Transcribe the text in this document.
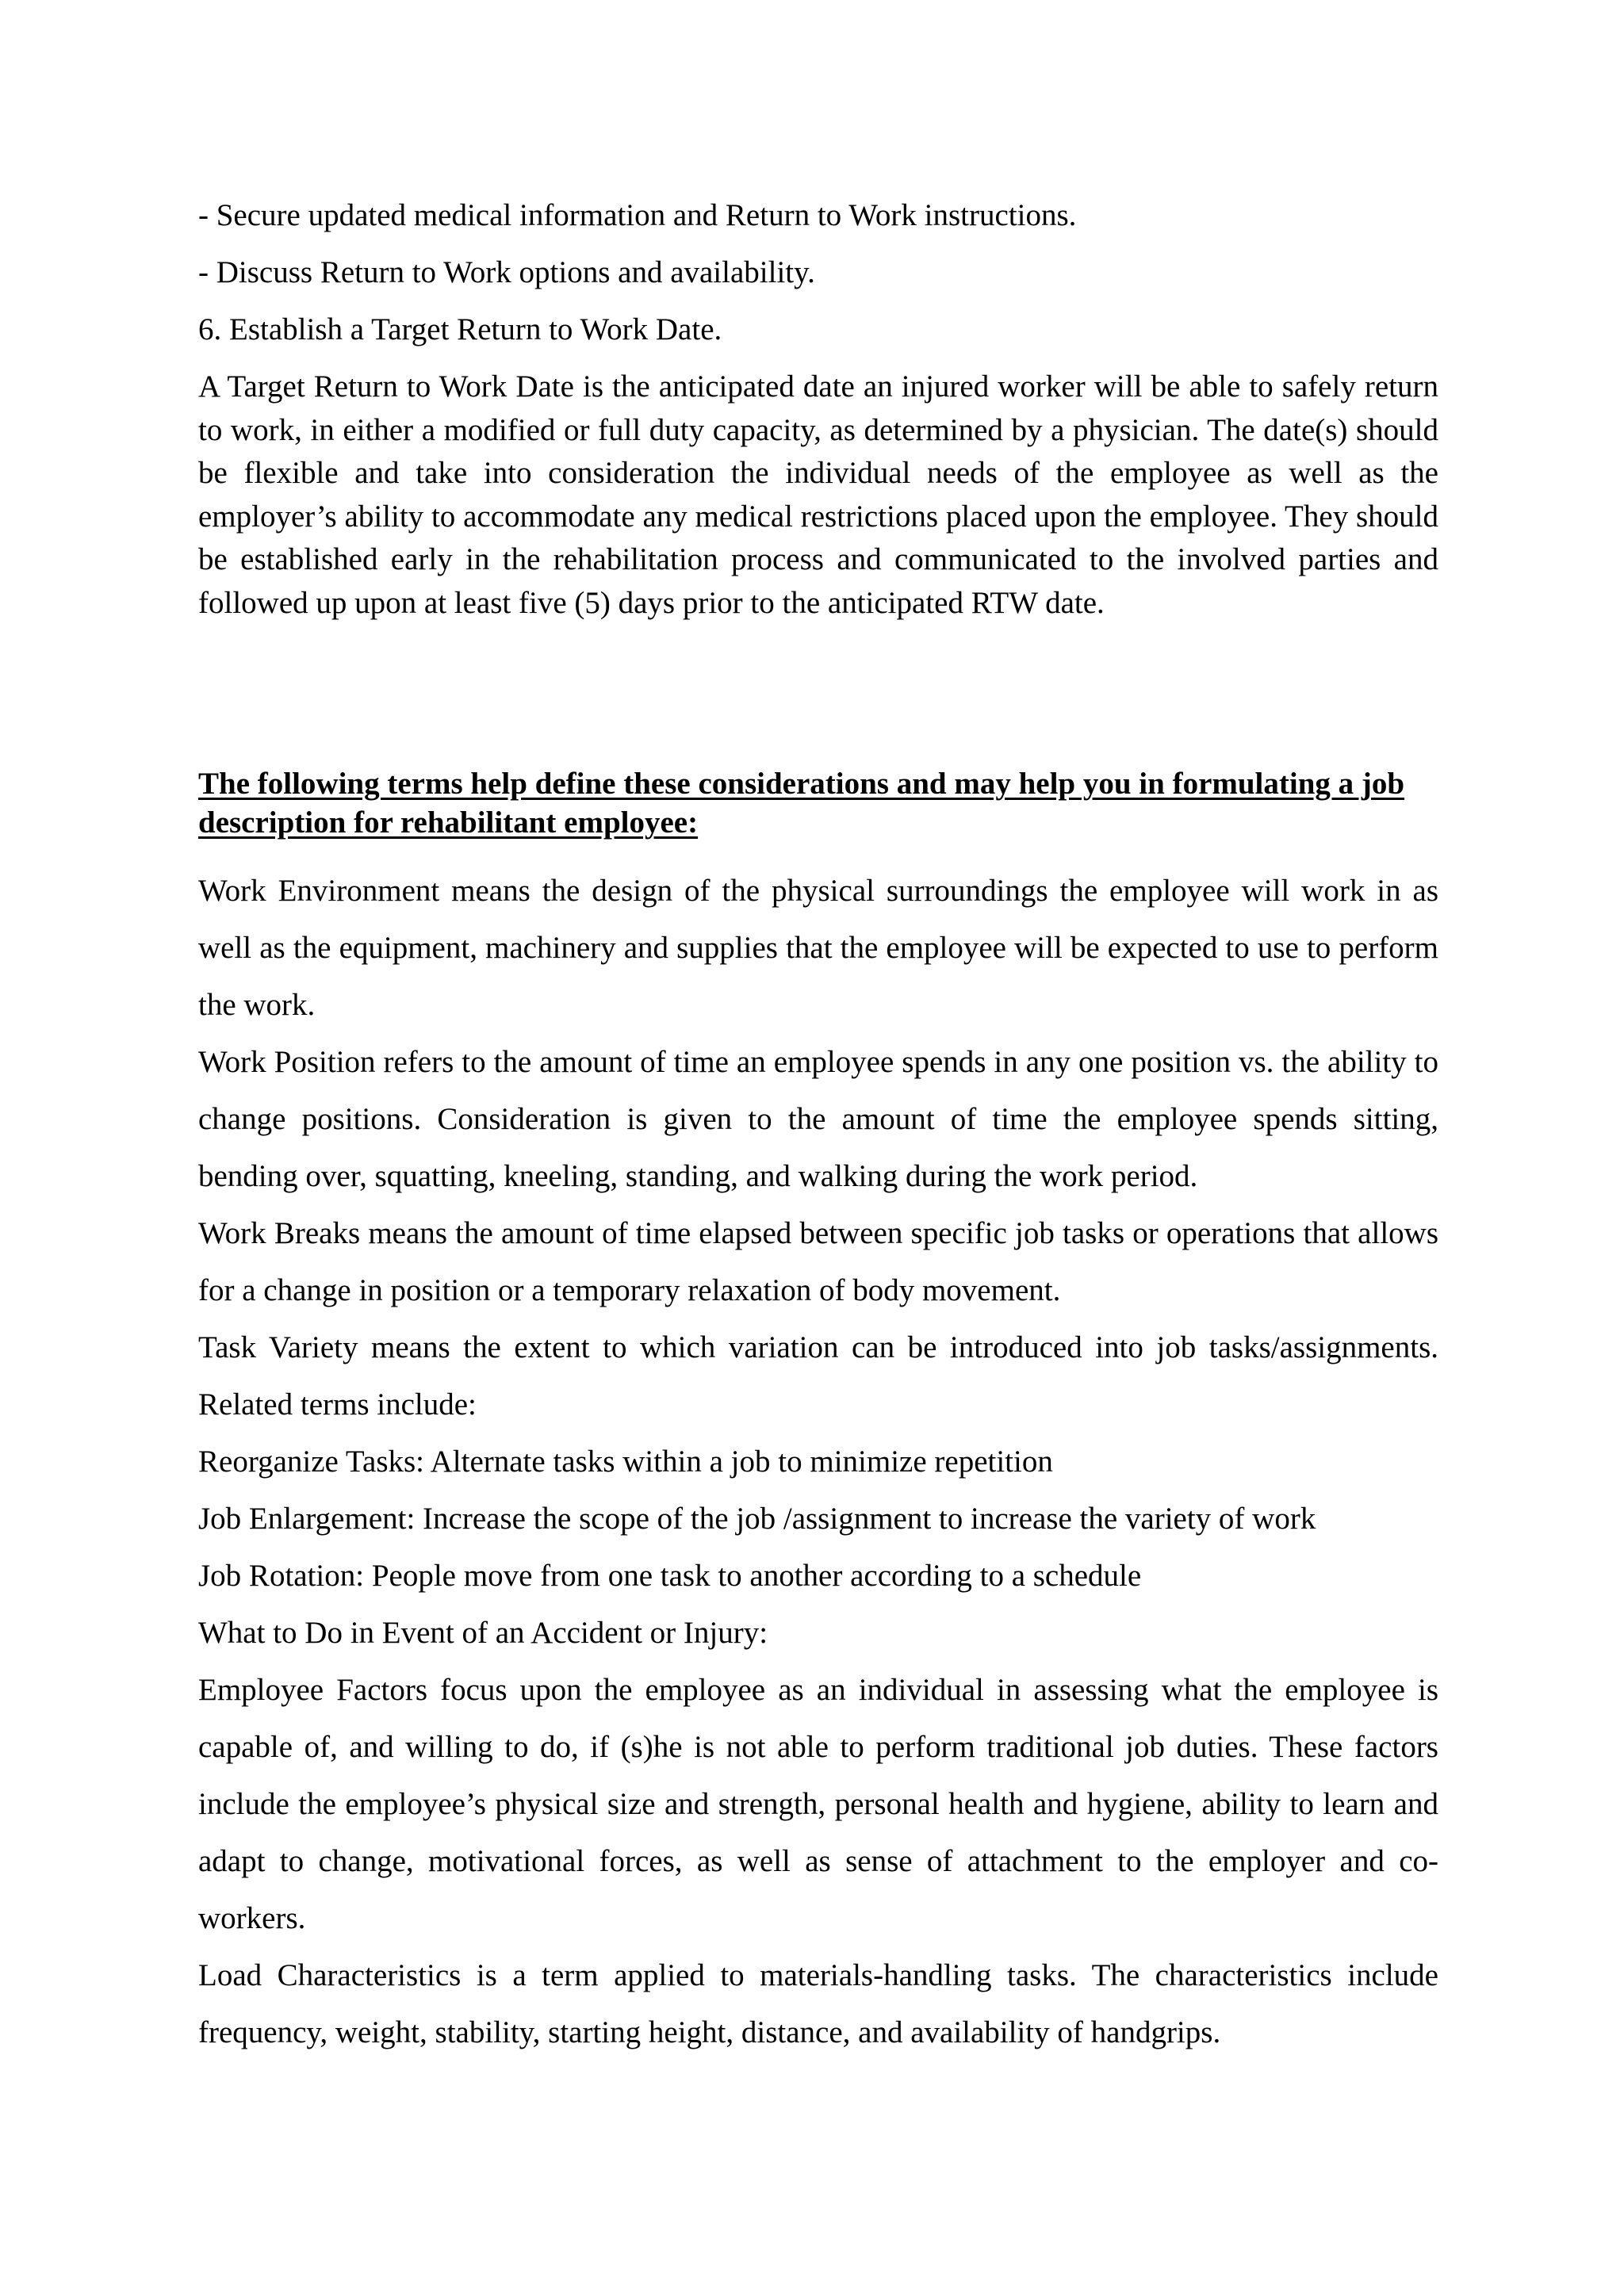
- Secure updated medical information and Return to Work instructions.

- Discuss Return to Work options and availability.

6. Establish a Target Return to Work Date.

A Target Return to Work Date is the anticipated date an injured worker will be able to safely return to work, in either a modified or full duty capacity, as determined by a physician. The date(s) should be flexible and take into consideration the individual needs of the employee as well as the employer’s ability to accommodate any medical restrictions placed upon the employee. They should be established early in the rehabilitation process and communicated to the involved parties and followed up upon at least five (5) days prior to the anticipated RTW date.

The following terms help define these considerations and may help you in formulating a job description for rehabilitant employee:

Work Environment means the design of the physical surroundings the employee will work in as well as the equipment, machinery and supplies that the employee will be expected to use to perform the work.

Work Position refers to the amount of time an employee spends in any one position vs. the ability to change positions. Consideration is given to the amount of time the employee spends sitting, bending over, squatting, kneeling, standing, and walking during the work period.

Work Breaks means the amount of time elapsed between specific job tasks or operations that allows for a change in position or a temporary relaxation of body movement.

Task Variety means the extent to which variation can be introduced into job tasks/assignments. Related terms include:

Reorganize Tasks: Alternate tasks within a job to minimize repetition

Job Enlargement: Increase the scope of the job /assignment to increase the variety of work

Job Rotation: People move from one task to another according to a schedule

What to Do in Event of an Accident or Injury:

Employee Factors focus upon the employee as an individual in assessing what the employee is capable of, and willing to do, if (s)he is not able to perform traditional job duties. These factors include the employee’s physical size and strength, personal health and hygiene, ability to learn and adapt to change, motivational forces, as well as sense of attachment to the employer and co-workers.

Load Characteristics is a term applied to materials-handling tasks. The characteristics include frequency, weight, stability, starting height, distance, and availability of handgrips.
